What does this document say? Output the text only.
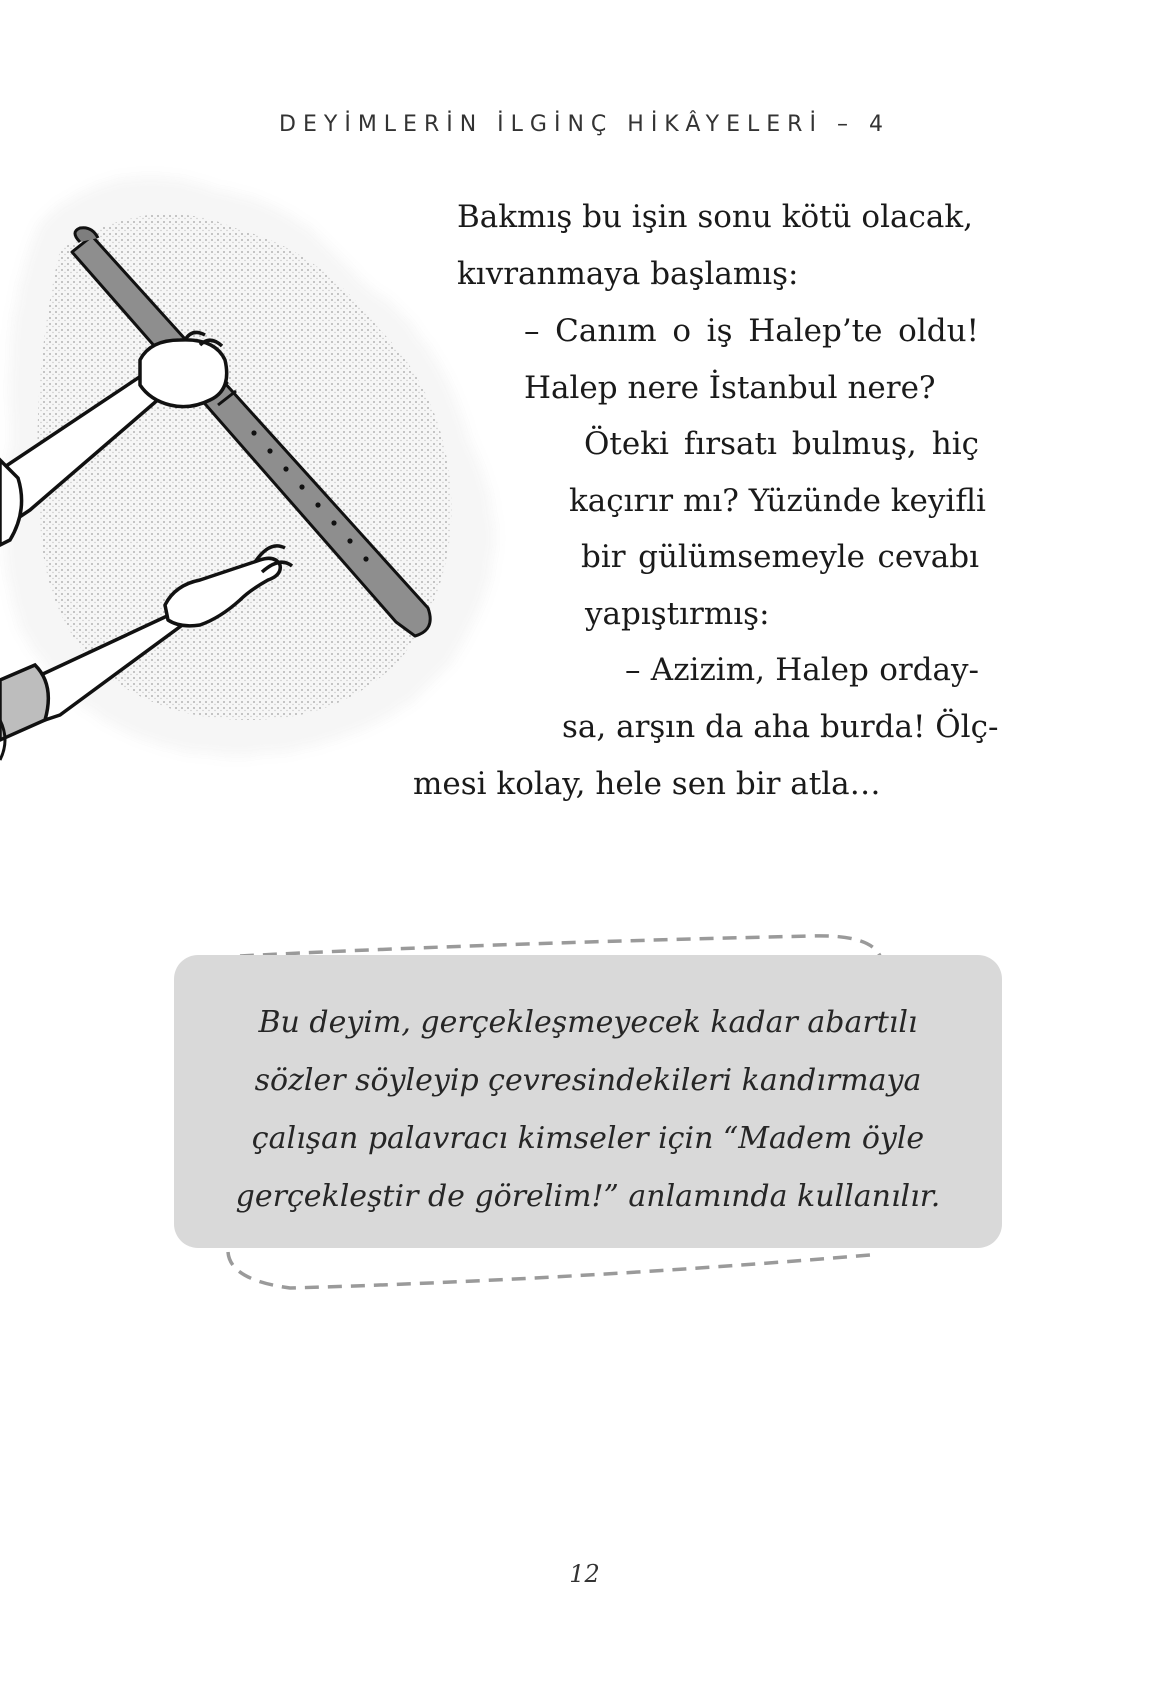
DEYİMLERİN İLGİNÇ HİKÂYELERİ – 4
Bakmış bu işin sonu kötü olacak,
kıvranmaya başlamış:
– Canım o iş Halep’te oldu!
Halep nere İstanbul nere?
Öteki fırsatı bulmuş, hiç
kaçırır mı? Yüzünde keyifli
bir gülümsemeyle cevabı
yapıştırmış:
– Azizim, Halep orday-
sa, arşın da aha burda! Ölç-
mesi kolay, hele sen bir atla…
Bu deyim, gerçekleşmeyecek kadar abartılı
sözler söyleyip çevresindekileri kandırmaya
çalışan palavracı kimseler için “Madem öyle
gerçekleştir de görelim!” anlamında kullanılır.
12
